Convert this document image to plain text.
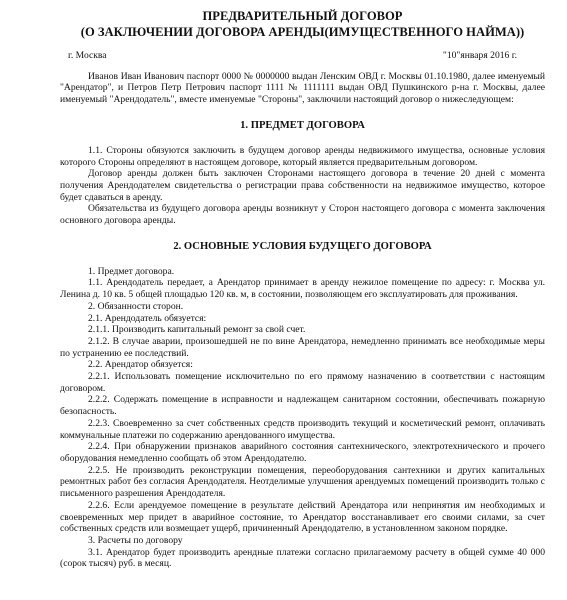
ПРЕДВАРИТЕЛЬНЫЙ ДОГОВОР
(О ЗАКЛЮЧЕНИИ ДОГОВОРА АРЕНДЫ(ИМУЩЕСТВЕННОГО НАЙМА))
г. Москва	"10"января 2016 г.

Иванов Иван Иванович паспорт 0000 № 0000000 выдан Ленским ОВД г. Москвы 01.10.1980, далее именуемый "Арендатор", и Петров Петр Петрович паспорт 1111 № 1111111 выдан ОВД Пушкинского р-на г. Москвы, далее именуемый "Арендодатель", вместе именуемые "Стороны", заключили настоящий договор о нижеследующем:

1. ПРЕДМЕТ ДОГОВОРА

1.1. Стороны обязуются заключить в будущем договор аренды недвижимого имущества, основные условия которого Стороны определяют в настоящем договоре, который является предварительным договором.

Договор аренды должен быть заключен Сторонами настоящего договора в течение 20 дней с момента получения Арендодателем свидетельства о регистрации права собственности на недвижимое имущество, которое будет сдаваться в аренду.

Обязательства из будущего договора аренды возникнут у Сторон настоящего договора с момента заключения основного договора аренды.

2. ОСНОВНЫЕ УСЛОВИЯ БУДУЩЕГО ДОГОВОРА

1. Предмет договора.

1.1. Арендодатель передает, а Арендатор принимает в аренду нежилое помещение по адресу: г. Москва ул. Ленина д. 10 кв. 5 общей площадью 120 кв. м, в состоянии, позволяющем его эксплуатировать для проживания.

2. Обязанности сторон.

2.1. Арендодатель обязуется:

2.1.1. Производить капитальный ремонт за свой счет.

2.1.2. В случае аварии, произошедшей не по вине Арендатора, немедленно принимать все необходимые меры по устранению ее последствий.

2.2. Арендатор обязуется:

2.2.1. Использовать помещение исключительно по его прямому назначению в соответствии с настоящим договором.

2.2.2. Содержать помещение в исправности и надлежащем санитарном состоянии, обеспечивать пожарную безопасность.

2.2.3. Своевременно за счет собственных средств производить текущий и косметический ремонт, оплачивать коммунальные платежи по содержанию арендованного имущества.

2.2.4. При обнаружении признаков аварийного состояния сантехнического, электротехнического и прочего оборудования немедленно сообщать об этом Арендодателю.

2.2.5. Не производить реконструкции помещения, переоборудования сантехники и других капитальных ремонтных работ без согласия Арендодателя. Неотделимые улучшения арендуемых помещений производить только с письменного разрешения Арендодателя.

2.2.6. Если арендуемое помещение в результате действий Арендатора или непринятия им необходимых и своевременных мер придет в аварийное состояние, то Арендатор восстанавливает его своими силами, за счет собственных средств или возмещает ущерб, причиненный Арендодателю, в установленном законом порядке.

3. Расчеты по договору

3.1. Арендатор будет производить арендные платежи согласно прилагаемому расчету в общей сумме 40 000 (сорок тысяч) руб. в месяц.
